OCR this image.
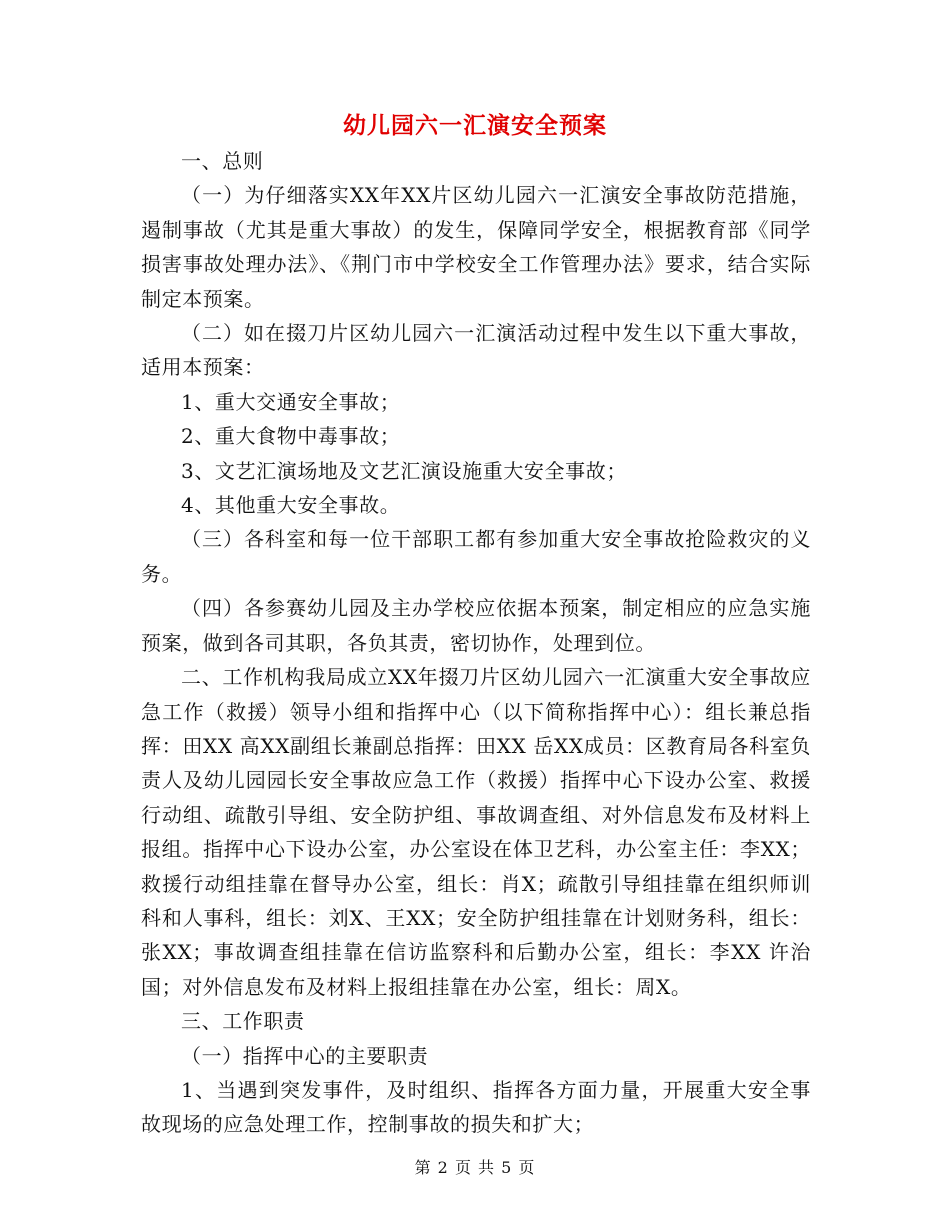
幼儿园六一汇演安全预案

一、总则

（一）为仔细落实XX年XX片区幼儿园六一汇演安全事故防范措施，遏制事故（尤其是重大事故）的发生，保障同学安全，根据教育部《同学损害事故处理办法》、《荆门市中学校安全工作管理办法》要求，结合实际制定本预案。

（二）如在掇刀片区幼儿园六一汇演活动过程中发生以下重大事故，适用本预案：

1、重大交通安全事故；

2、重大食物中毒事故；

3、文艺汇演场地及文艺汇演设施重大安全事故；

4、其他重大安全事故。

（三）各科室和每一位干部职工都有参加重大安全事故抢险救灾的义务。

（四）各参赛幼儿园及主办学校应依据本预案，制定相应的应急实施预案，做到各司其职，各负其责，密切协作，处理到位。

二、工作机构我局成立XX年掇刀片区幼儿园六一汇演重大安全事故应急工作（救援）领导小组和指挥中心（以下简称指挥中心）：组长兼总指挥：田XX 高XX副组长兼副总指挥：田XX 岳XX成员：区教育局各科室负责人及幼儿园园长安全事故应急工作（救援）指挥中心下设办公室、救援行动组、疏散引导组、安全防护组、事故调查组、对外信息发布及材料上报组。指挥中心下设办公室，办公室设在体卫艺科，办公室主任：李XX；救援行动组挂靠在督导办公室，组长：肖X；疏散引导组挂靠在组织师训科和人事科，组长：刘X、王XX；安全防护组挂靠在计划财务科，组长：张XX；事故调查组挂靠在信访监察科和后勤办公室，组长：李XX 许治国；对外信息发布及材料上报组挂靠在办公室，组长：周X。

三、工作职责

（一）指挥中心的主要职责

1、当遇到突发事件，及时组织、指挥各方面力量，开展重大安全事故现场的应急处理工作，控制事故的损失和扩大；

第 2 页 共 5 页
